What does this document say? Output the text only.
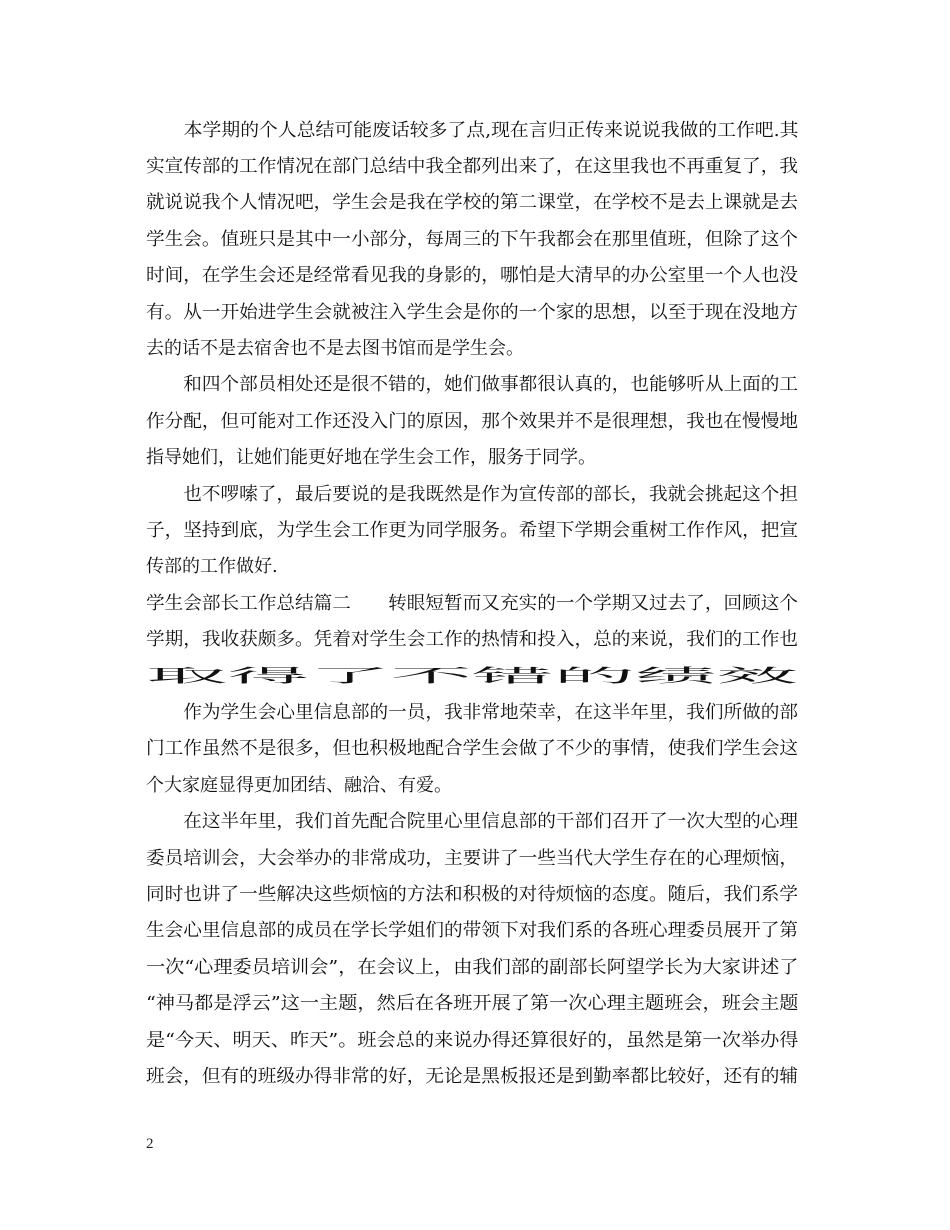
　　本学期的个人总结可能废话较多了点,现在言归正传来说说我做的工作吧.其
实宣传部的工作情况在部门总结中我全都列出来了，在这里我也不再重复了，我
就说说我个人情况吧，学生会是我在学校的第二课堂，在学校不是去上课就是去
学生会。值班只是其中一小部分，每周三的下午我都会在那里值班，但除了这个
时间，在学生会还是经常看见我的身影的，哪怕是大清早的办公室里一个人也没
有。从一开始进学生会就被注入学生会是你的一个家的思想，以至于现在没地方
去的话不是去宿舍也不是去图书馆而是学生会。
　　和四个部员相处还是很不错的，她们做事都很认真的，也能够听从上面的工
作分配，但可能对工作还没入门的原因，那个效果并不是很理想，我也在慢慢地
指导她们，让她们能更好地在学生会工作，服务于同学。
　　也不啰嗦了，最后要说的是我既然是作为宣传部的部长，我就会挑起这个担
子，坚持到底，为学生会工作更为同学服务。希望下学期会重树工作作风，把宣
传部的工作做好.
学生会部长工作总结篇二　　转眼短暂而又充实的一个学期又过去了，回顾这个
学期，我收获颇多。凭着对学生会工作的热情和投入，总的来说，我们的工作也
取得了不错的绩效
　　作为学生会心里信息部的一员，我非常地荣幸，在这半年里，我们所做的部
门工作虽然不是很多，但也积极地配合学生会做了不少的事情，使我们学生会这
个大家庭显得更加团结、融洽、有爱。
　　在这半年里，我们首先配合院里心里信息部的干部们召开了一次大型的心理
委员培训会，大会举办的非常成功，主要讲了一些当代大学生存在的心理烦恼，
同时也讲了一些解决这些烦恼的方法和积极的对待烦恼的态度。随后，我们系学
生会心里信息部的成员在学长学姐们的带领下对我们系的各班心理委员展开了第
一次“心理委员培训会”，在会议上，由我们部的副部长阿望学长为大家讲述了
“神马都是浮云”这一主题，然后在各班开展了第一次心理主题班会，班会主题
是“今天、明天、昨天”。班会总的来说办得还算很好的，虽然是第一次举办得
班会，但有的班级办得非常的好，无论是黑板报还是到勤率都比较好，还有的辅
2
